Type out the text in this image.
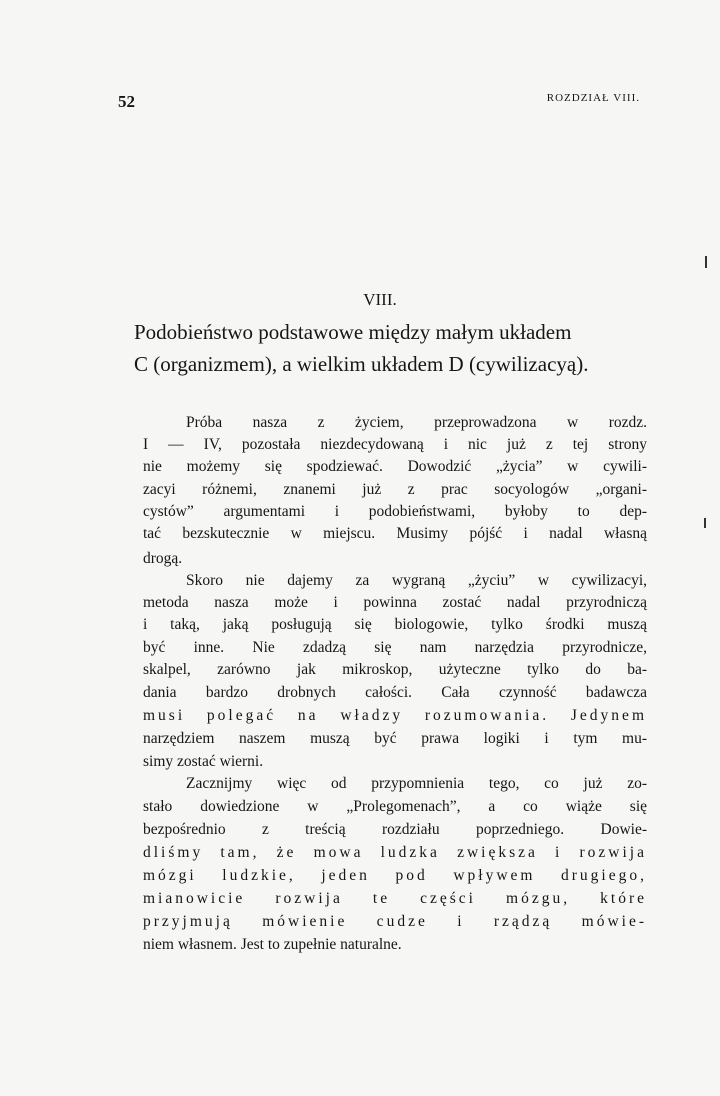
52	ROZDZIAŁ VIII.
VIII.
Podobieństwo podstawowe między małym układem
C (organizmem), a wielkim układem D (cywilizacyą).
Próba nasza z życiem, przeprowadzona w rozdz.
I — IV, pozostała niezdecydowaną i nic już z tej strony
nie możemy się spodziewać. Dowodzić „życia” w cywili-
zacyi różnemi, znanemi już z prac socyologów „organi-
cystów” argumentami i podobieństwami, byłoby to dep-
tać bezskutecznie w miejscu. Musimy pójść i nadal własną
drogą.
Skoro nie dajemy za wygraną „życiu” w cywilizacyi,
metoda nasza może i powinna zostać nadal przyrodniczą
i taką, jaką posługują się biologowie, tylko środki muszą
być inne. Nie zdadzą się nam narzędzia przyrodnicze,
skalpel, zarówno jak mikroskop, użyteczne tylko do ba-
dania bardzo drobnych całości. Cała czynność badawcza
musi polegać na władzy rozumowania. Jedynem
narzędziem naszem muszą być prawa logiki i tym mu-
simy zostać wierni.
Zacznijmy więc od przypomnienia tego, co już zo-
stało dowiedzione w „Prolegomenach”, a co wiąże się
bezpośrednio z treścią rozdziału poprzedniego. Dowie-
dliśmy tam, że mowa ludzka zwiększa i rozwija
mózgi ludzkie, jeden pod wpływem drugiego,
mianowicie rozwija te części mózgu, które
przyjmują mówienie cudze i rządzą mówie-
niem własnem. Jest to zupełnie naturalne.
